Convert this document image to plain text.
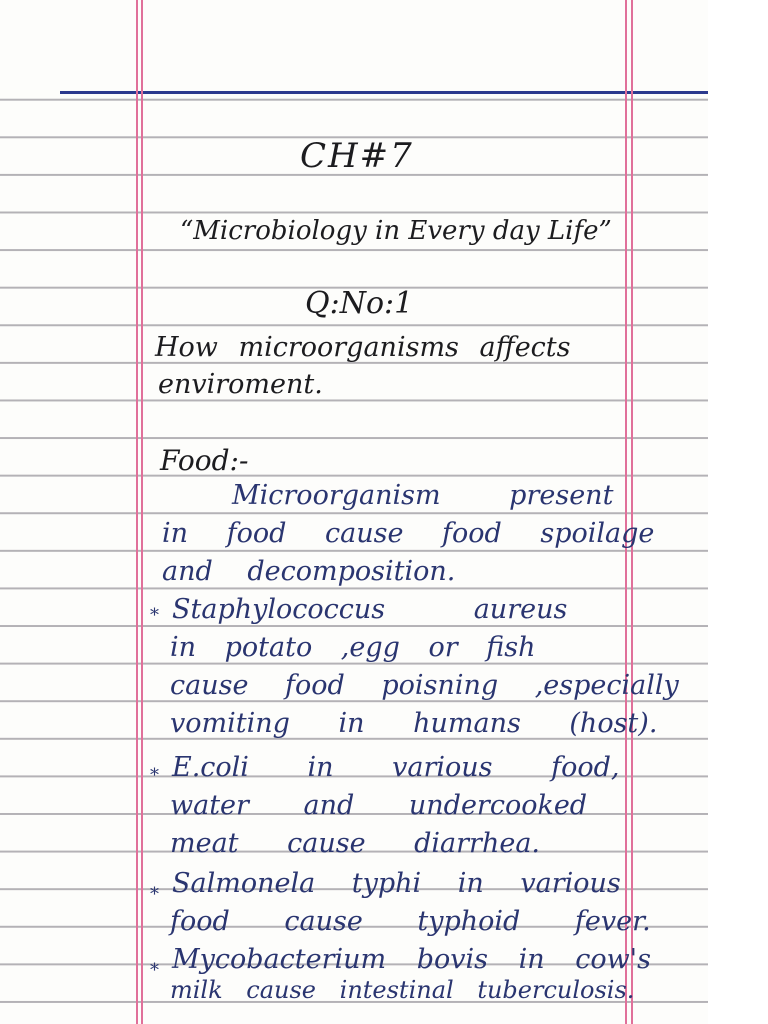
CH#7
“Microbiology in Every day Life”
Q:No:1
How microorganisms affects
enviroment.
Food:-
Microorganism present
in food cause food spoilage
and decomposition.
* Staphylococcus aureus
in potato ,egg or fish
cause food poisning ,especially
vomiting in humans (host).
* E.coli in various food,
water and undercooked
meat cause diarrhea.
* Salmonela typhi in various
food cause typhoid fever.
* Mycobacterium bovis in cow's
milk cause intestinal tuberculosis.
